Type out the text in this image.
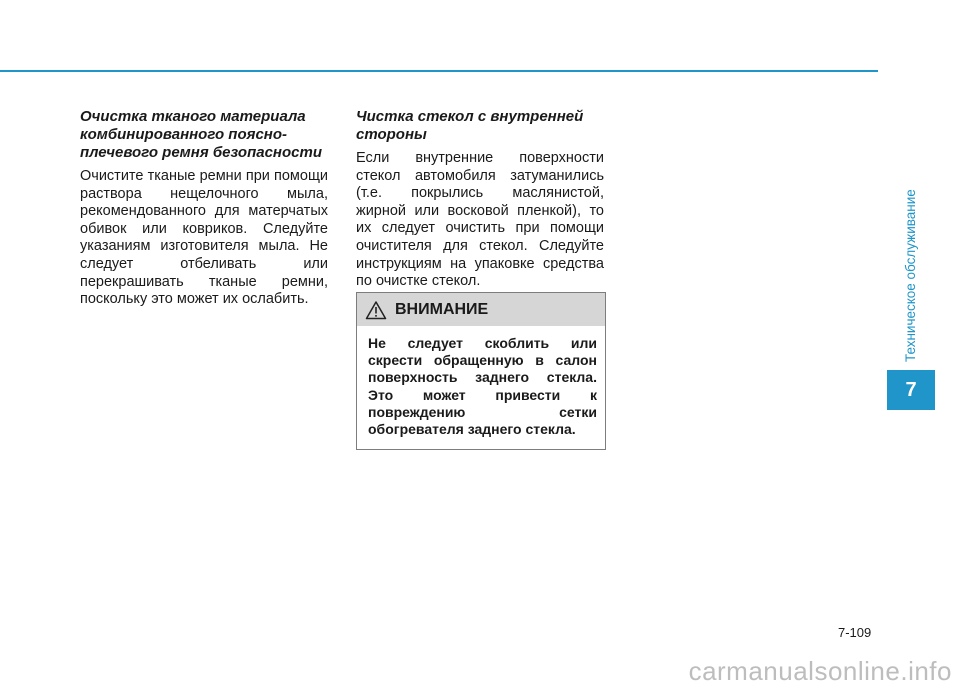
Очистка тканого материала комбинированного поясно-плечевого ремня безопасности

Очистите тканые ремни при помощи раствора нещелочного мыла, рекомендованного для матерчатых обивок или ковриков. Следуйте указаниям изготовителя мыла. Не следует отбеливать или перекрашивать тканые ремни, поскольку это может их ослабить.

Чистка стекол с внутренней стороны

Если внутренние поверхности стекол автомобиля затуманились (т.е. покрылись маслянистой, жирной или восковой пленкой), то их следует очистить при помощи очистителя для стекол. Следуйте инструкциям на упаковке средства по очистке стекол.

ВНИМАНИЕ
Не следует скоблить или скрести обращенную в салон поверхность заднего стекла. Это может привести к повреждению сетки обогревателя заднего стекла.
Техническое обслуживание
7
7-109
carmanualsonline.info
